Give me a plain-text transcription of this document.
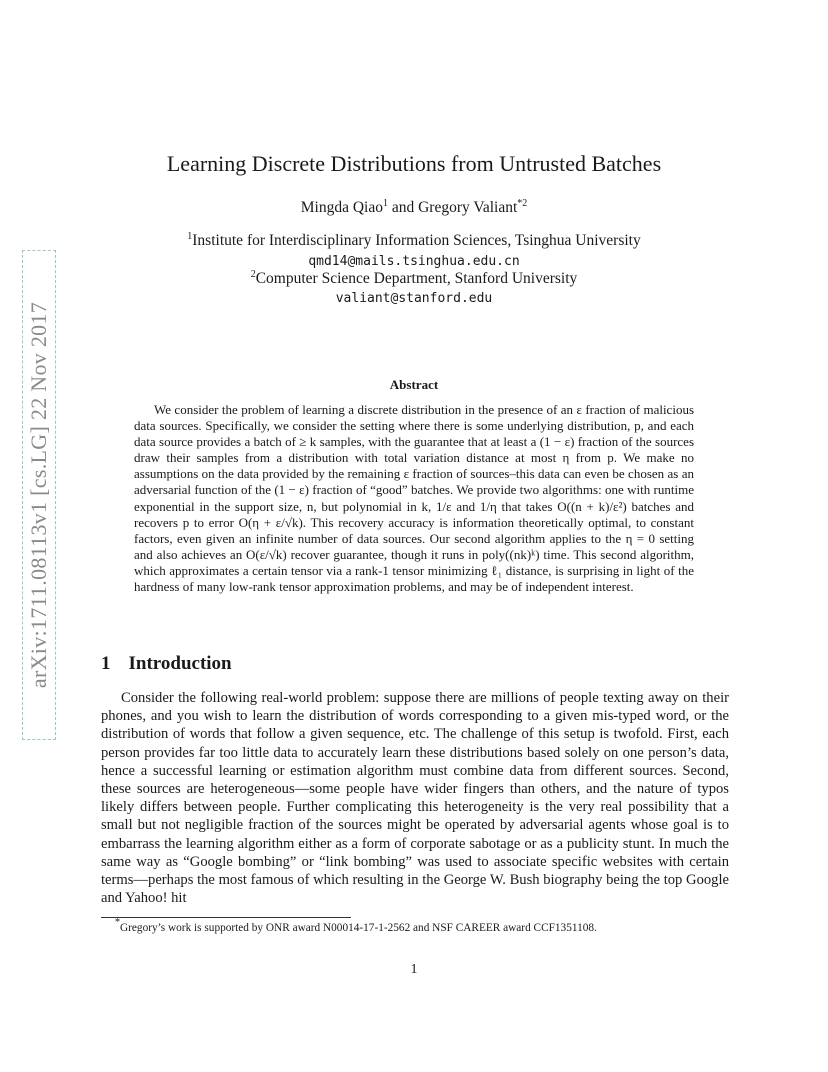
arXiv:1711.08113v1 [cs.LG] 22 Nov 2017
Learning Discrete Distributions from Untrusted Batches
Mingda Qiao$^1$ and Gregory Valiant$^{*2}$
$^1$Institute for Interdisciplinary Information Sciences, Tsinghua University
qmd14@mails.tsinghua.edu.cn
$^2$Computer Science Department, Stanford University
valiant@stanford.edu
Abstract

We consider the problem of learning a discrete distribution in the presence of an ε fraction of malicious data sources. Specifically, we consider the setting where there is some underlying distribution, p, and each data source provides a batch of ≥ k samples, with the guarantee that at least a (1 − ε) fraction of the sources draw their samples from a distribution with total variation distance at most η from p. We make no assumptions on the data provided by the remaining ε fraction of sources–this data can even be chosen as an adversarial function of the (1 − ε) fraction of “good” batches. We provide two algorithms: one with runtime exponential in the support size, n, but polynomial in k, 1/ε and 1/η that takes O((n + k)/ε²) batches and recovers p to error O(η + ε/√k). This recovery accuracy is information theoretically optimal, to constant factors, even given an infinite number of data sources. Our second algorithm applies to the η = 0 setting and also achieves an O(ε/√k) recover guarantee, though it runs in poly((nk)ᵏ) time. This second algorithm, which approximates a certain tensor via a rank-1 tensor minimizing ℓ₁ distance, is surprising in light of the hardness of many low-rank tensor approximation problems, and may be of independent interest.

1 Introduction

Consider the following real-world problem: suppose there are millions of people texting away on their phones, and you wish to learn the distribution of words corresponding to a given mis-typed word, or the distribution of words that follow a given sequence, etc. The challenge of this setup is twofold. First, each person provides far too little data to accurately learn these distributions based solely on one person’s data, hence a successful learning or estimation algorithm must combine data from different sources. Second, these sources are heterogeneous—some people have wider fingers than others, and the nature of typos likely differs between people. Further complicating this heterogeneity is the very real possibility that a small but not negligible fraction of the sources might be operated by adversarial agents whose goal is to embarrass the learning algorithm either as a form of corporate sabotage or as a publicity stunt. In much the same way as “Google bombing” or “link bombing” was used to associate specific websites with certain terms—perhaps the most famous of which resulting in the George W. Bush biography being the top Google and Yahoo! hit

*Gregory’s work is supported by ONR award N00014-17-1-2562 and NSF CAREER award CCF1351108.
1
